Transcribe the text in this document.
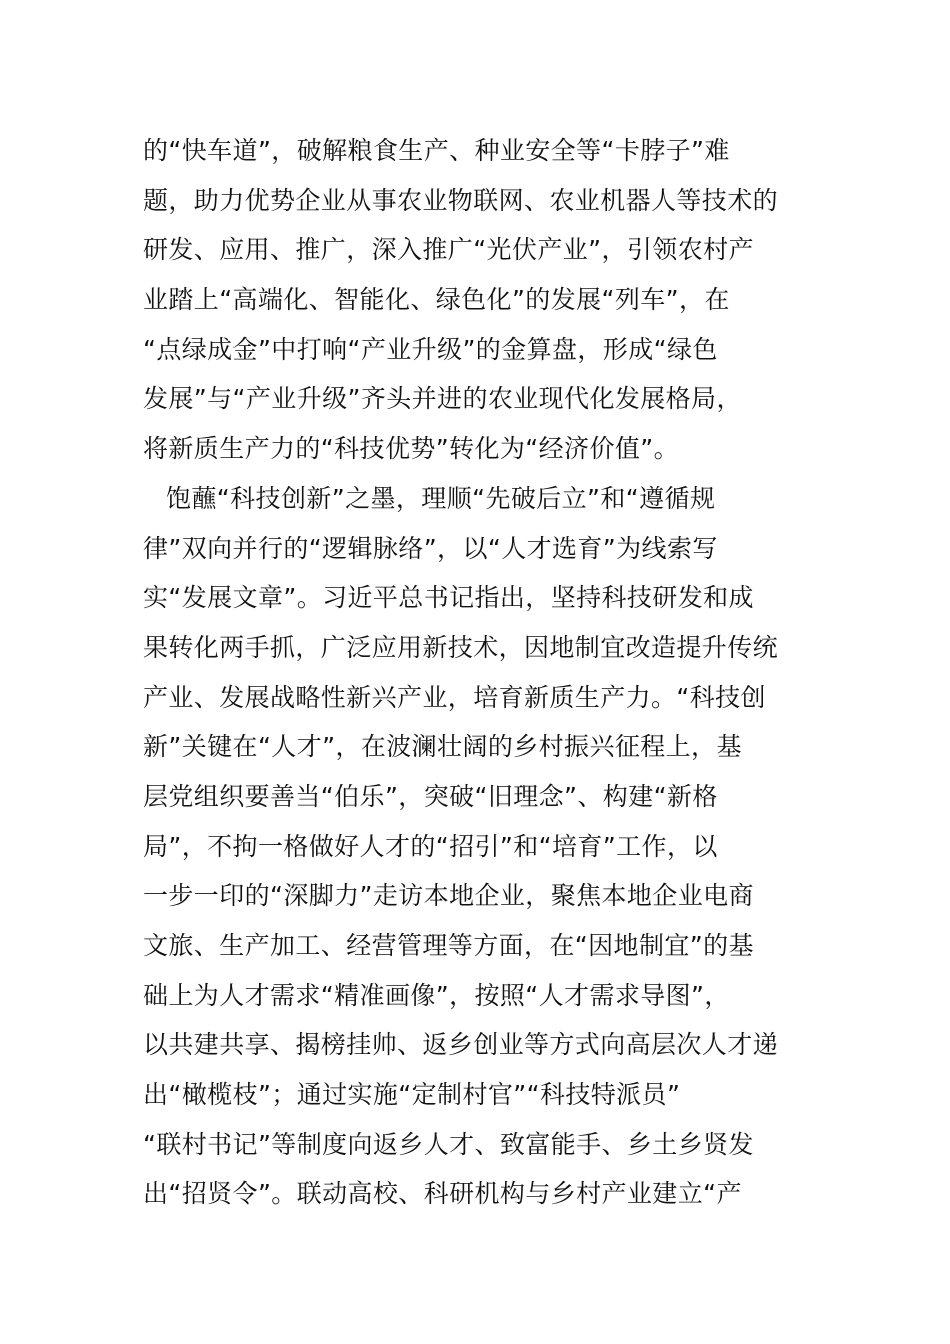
的“快车道”，破解粮食生产、种业安全等“卡脖子”难
题，助力优势企业从事农业物联网、农业机器人等技术的
研发、应用、推广，深入推广“光伏产业”，引领农村产
业踏上“高端化、智能化、绿色化”的发展“列车”，在
“点绿成金”中打响“产业升级”的金算盘，形成“绿色
发展”与“产业升级”齐头并进的农业现代化发展格局，
将新质生产力的“科技优势”转化为“经济价值”。
饱蘸“科技创新”之墨，理顺“先破后立”和“遵循规
律”双向并行的“逻辑脉络”，以“人才选育”为线索写
实“发展文章”。习近平总书记指出，坚持科技研发和成
果转化两手抓，广泛应用新技术，因地制宜改造提升传统
产业、发展战略性新兴产业，培育新质生产力。“科技创
新”关键在“人才”，在波澜壮阔的乡村振兴征程上，基
层党组织要善当“伯乐”，突破“旧理念”、构建“新格
局”，不拘一格做好人才的“招引”和“培育”工作，以
一步一印的“深脚力”走访本地企业，聚焦本地企业电商
文旅、生产加工、经营管理等方面，在“因地制宜”的基
础上为人才需求“精准画像”，按照“人才需求导图”，
以共建共享、揭榜挂帅、返乡创业等方式向高层次人才递
出“橄榄枝”；通过实施“定制村官”“科技特派员”
“联村书记”等制度向返乡人才、致富能手、乡土乡贤发
出“招贤令”。联动高校、科研机构与乡村产业建立“产
